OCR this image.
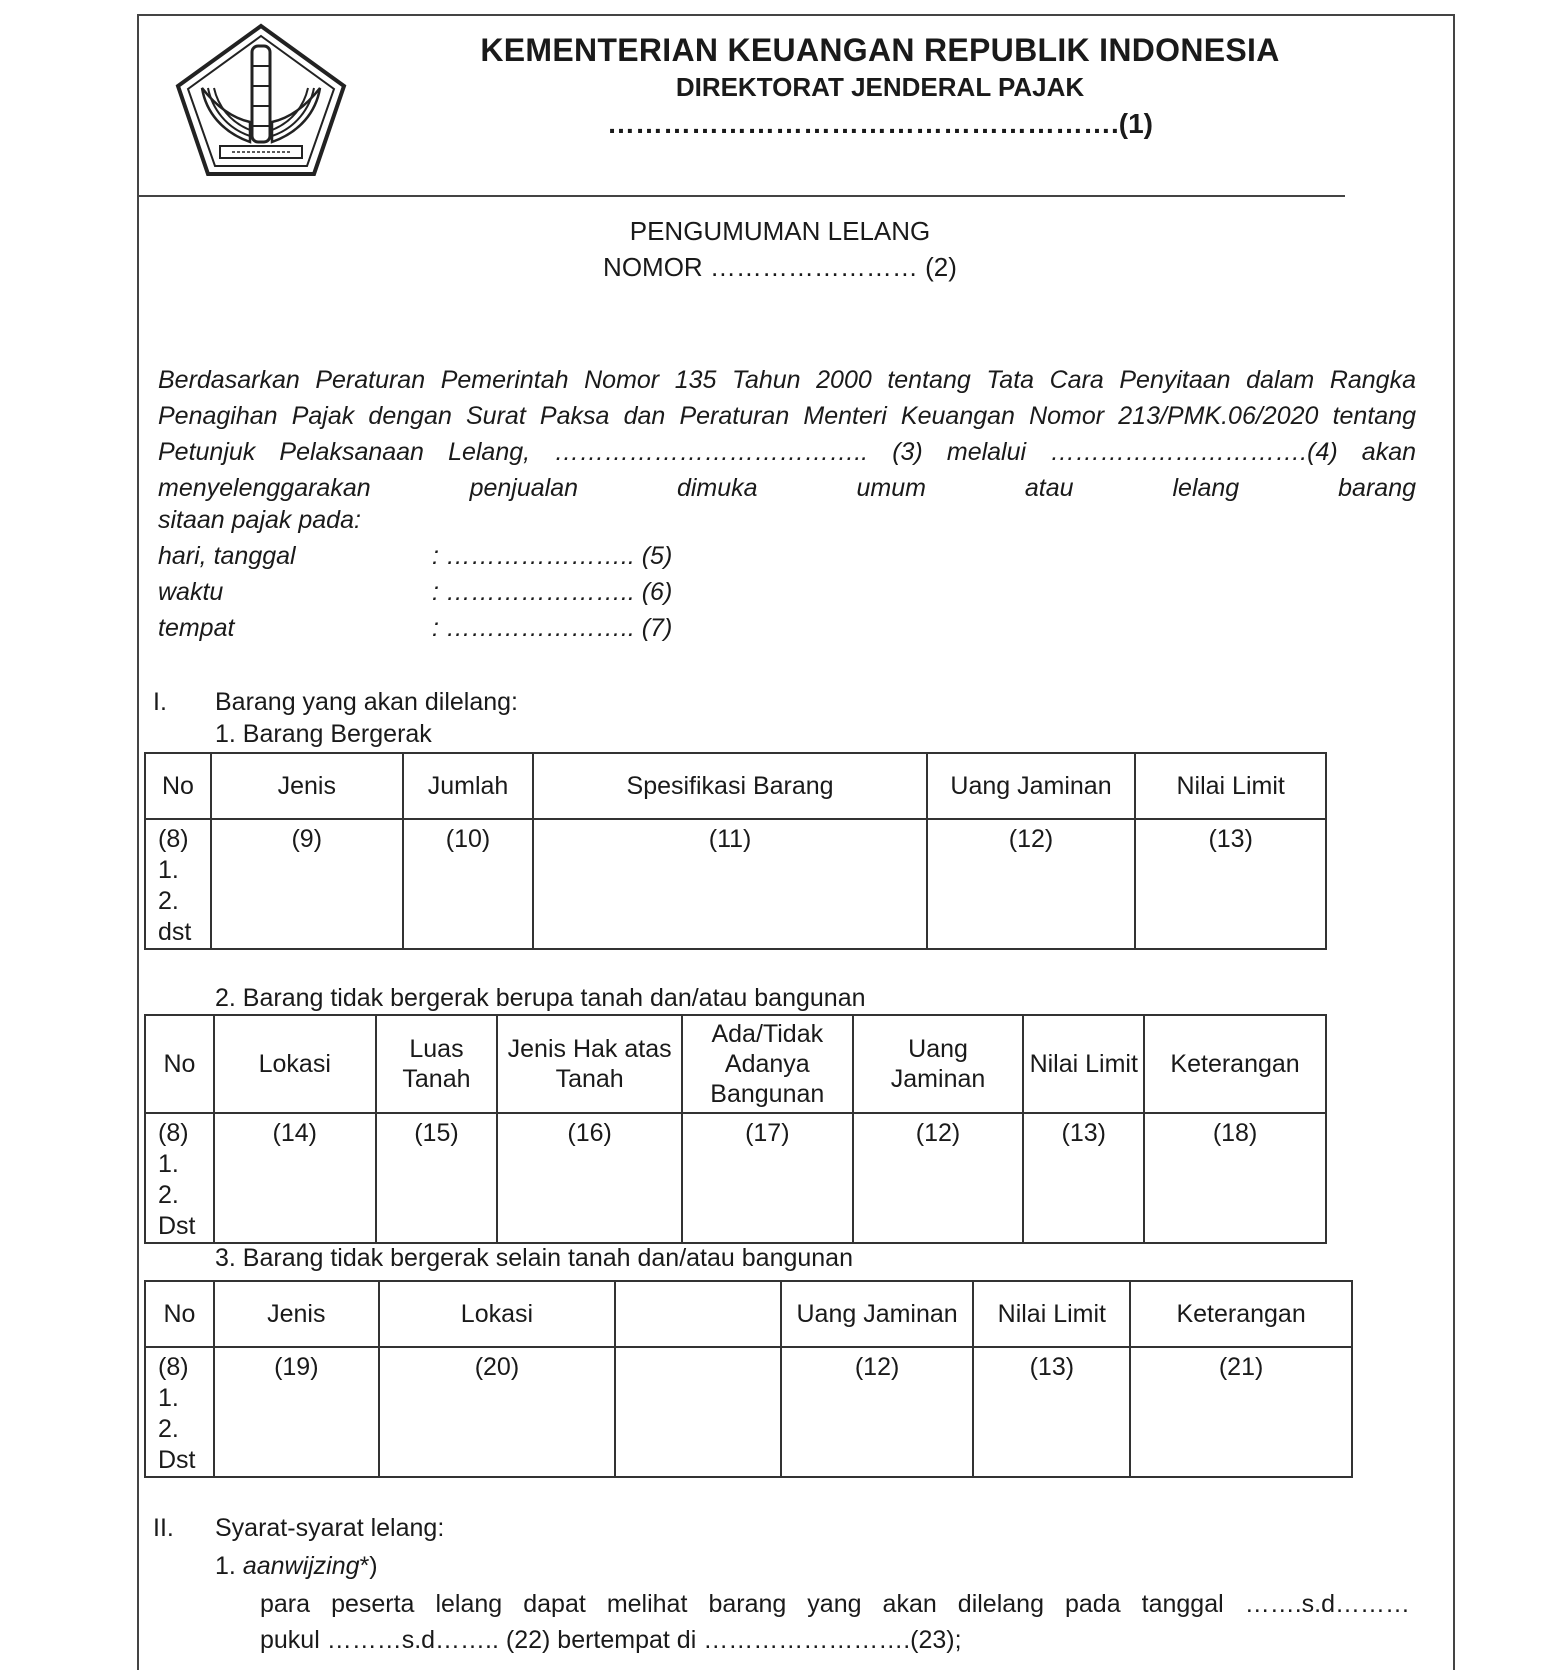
KEMENTERIAN KEUANGAN REPUBLIK INDONESIA
DIREKTORAT JENDERAL PAJAK
……………………………………………….(1)
PENGUMUMAN LELANG
NOMOR …………………… (2)
Berdasarkan Peraturan Pemerintah Nomor 135 Tahun 2000 tentang Tata Cara Penyitaan dalam Rangka Penagihan Pajak dengan Surat Paksa dan Peraturan Menteri Keuangan Nomor 213/PMK.06/2020 tentang Petunjuk Pelaksanaan Lelang, ……………………………….. (3) melalui ………………………….(4) akan menyelenggarakan penjualan dimuka umum atau lelang barang
sitaan pajak pada:
hari, tanggal	: ………………….. (5)
waktu	: ………………….. (6)
tempat	: ………………….. (7)
I. Barang yang akan dilelang:
1. Barang Bergerak
No	Jenis	Jumlah	Spesifikasi Barang	Uang Jaminan	Nilai Limit

(8)
1.
2.
dst	(9)	(10)	(11)	(12)	(13)
2. Barang tidak bergerak berupa tanah dan/atau bangunan
No	Lokasi	Luas Tanah	Jenis Hak atas Tanah	Ada/Tidak Adanya Bangunan	Uang Jaminan	Nilai Limit	Keterangan

(8)
1.
2.
Dst	(14)	(15)	(16)	(17)	(12)	(13)	(18)
3. Barang tidak bergerak selain tanah dan/atau bangunan
No	Jenis	Lokasi		Uang Jaminan	Nilai Limit	Keterangan

(8)
1.
2.
Dst	(19)	(20)		(12)	(13)	(21)
II. Syarat-syarat lelang:
1. aanwijzing*)
para peserta lelang dapat melihat barang yang akan dilelang pada tanggal …….s.d………
pukul ………s.d…….. (22) bertempat di …………………….(23);
